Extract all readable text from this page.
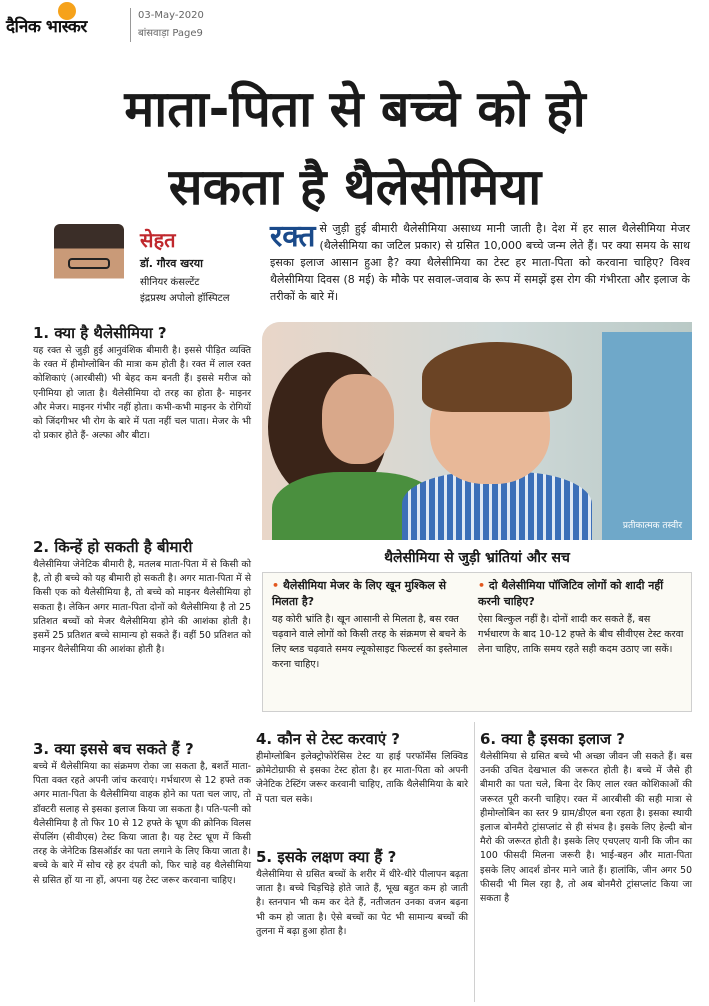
दैनिक भास्कर
03-May-2020
बांसवाड़ा Page9
माता-पिता से बच्चे को हो
सकता है थैलेसीमिया
सेहत
डॉ. गौरव खरया
सीनियर कंसल्टेंट
इंद्रप्रस्थ अपोलो हॉस्पिटल
रक्त से जुड़ी हुई बीमारी थैलेसीमिया असाध्य मानी जाती है। देश में हर साल थैलेसीमिया मेजर (थैलेसीमिया का जटिल प्रकार) से ग्रसित 10,000 बच्चे जन्म लेते हैं। पर क्या समय के साथ इसका इलाज आसान हुआ है? क्या थैलेसीमिया का टेस्ट हर माता-पिता को करवाना चाहिए? विश्व थैलेसीमिया दिवस (8 मई) के मौके पर सवाल-जवाब के रूप में समझें इस रोग की गंभीरता और इलाज के तरीकों के बारे में।
प्रतीकात्मक तस्वीर
1. क्या है थैलेसीमिया ?
यह रक्त से जुड़ी हुई आनुवंशिक बीमारी है। इससे पीड़ित व्यक्ति के रक्त में हीमोग्लोबिन की मात्रा कम होती है। रक्त में लाल रक्त कोशिकाएं (आरबीसी) भी बेहद कम बनती हैं। इससे मरीज को एनीमिया हो जाता है। थैलेसीमिया दो तरह का होता है- माइनर और मेजर। माइनर गंभीर नहीं होता। कभी-कभी माइनर के रोगियों को जिंदगीभर भी रोग के बारे में पता नहीं चल पाता। मेजर के भी दो प्रकार होते हैं- अल्फा और बीटा।
2. किन्हें हो सकती है बीमारी
थैलेसीमिया जेनेटिक बीमारी है, मतलब माता-पिता में से किसी को है, तो ही बच्चे को यह बीमारी हो सकती है। अगर माता-पिता में से किसी एक को थैलेसीमिया है, तो बच्चे को माइनर थैलेसीमिया हो सकता है। लेकिन अगर माता-पिता दोनों को थैलेसीमिया है तो 25 प्रतिशत बच्चों को मेजर थैलेसीमिया होने की आशंका होती है। इसमें 25 प्रतिशत बच्चे सामान्य हो सकते हैं। वहीं 50 प्रतिशत को माइनर थैलेसीमिया की आशंका होती है।
3. क्या इससे बच सकते हैं ?
बच्चे में थैलेसीमिया का संक्रमण रोका जा सकता है, बशर्ते माता-पिता वक्त रहते अपनी जांच करवाएं। गर्भधारण से 12 हफ्ते तक अगर माता-पिता के थैलेसीमिया वाहक होने का पता चल जाए, तो डॉक्टरी सलाह से इसका इलाज किया जा सकता है। पति-पत्नी को थैलेसीमिया है तो फिर 10 से 12 हफ्ते के भ्रूण की क्रोनिक विलस सेंपलिंग (सीवीएस) टेस्ट किया जाता है। यह टेस्ट भ्रूण में किसी तरह के जेनेटिक डिसऑर्डर का पता लगाने के लिए किया जाता है। बच्चे के बारे में सोच रहे हर दंपती को, फिर चाहे वह थैलेसीमिया से ग्रसित हों या ना हों, अपना यह टेस्ट जरूर करवाना चाहिए।
थैलेसीमिया से जुड़ी भ्रांतियां और सच
• थैलेसीमिया मेजर के लिए खून मुश्किल से मिलता है?
यह कोरी भ्रांति है। खून आसानी से मिलता है, बस रक्त चढ़वाने वाले लोगों को किसी तरह के संक्रमण से बचने के लिए ब्लड चढ़वाते समय ल्यूकोसाइट फिल्टर्स का इस्तेमाल करना चाहिए।
• दो थैलेसीमिया पॉजिटिव लोगों को शादी नहीं करनी चाहिए?
ऐसा बिल्कुल नहीं है। दोनों शादी कर सकते हैं, बस गर्भधारण के बाद 10-12 हफ्ते के बीच सीवीएस टेस्ट करवा लेना चाहिए, ताकि समय रहते सही कदम उठाए जा सकें।
4. कौन से टेस्ट करवाएं ?
हीमोग्लोबिन इलेक्ट्रोफोरेसिस टेस्ट या हाई परफॉर्मेंस लिक्विड क्रोमेटोग्राफी से इसका टेस्ट होता है। हर माता-पिता को अपनी जेनेटिक टेस्टिंग जरूर करवानी चाहिए, ताकि थैलेसीमिया के बारे में पता चल सके।
5. इसके लक्षण क्या हैं ?
थैलेसीमिया से ग्रसित बच्चों के शरीर में धीरे-धीरे पीलापन बढ़ता जाता है। बच्चे चिड़चिड़े होते जाते हैं, भूख बहुत कम हो जाती है। स्तनपान भी कम कर देते हैं, नतीजतन उनका वजन बढ़ना भी कम हो जाता है। ऐसे बच्चों का पेट भी सामान्य बच्चों की तुलना में बढ़ा हुआ होता है।
6. क्या है इसका इलाज ?
थैलेसीमिया से ग्रसित बच्चे भी अच्छा जीवन जी सकते हैं। बस उनकी उचित देखभाल की जरूरत होती है। बच्चे में जैसे ही बीमारी का पता चले, बिना देर किए लाल रक्त कोशिकाओं की जरूरत पूरी करनी चाहिए। रक्त में आरबीसी की सही मात्रा से हीमोग्लोबिन का स्तर 9 ग्राम/डीएल बना रहता है। इसका स्थायी इलाज बोनमैरो ट्रांसप्लांट से ही संभव है। इसके लिए हेल्दी बोन मैरो की जरूरत होती है। इसके लिए एचएलए यानी कि जीन का 100 फीसदी मिलना जरूरी है। भाई-बहन और माता-पिता इसके लिए आदर्श डोनर माने जाते हैं। हालांकि, जीन अगर 50 फीसदी भी मिल रहा है, तो अब बोनमैरो ट्रांसप्लांट किया जा सकता है
